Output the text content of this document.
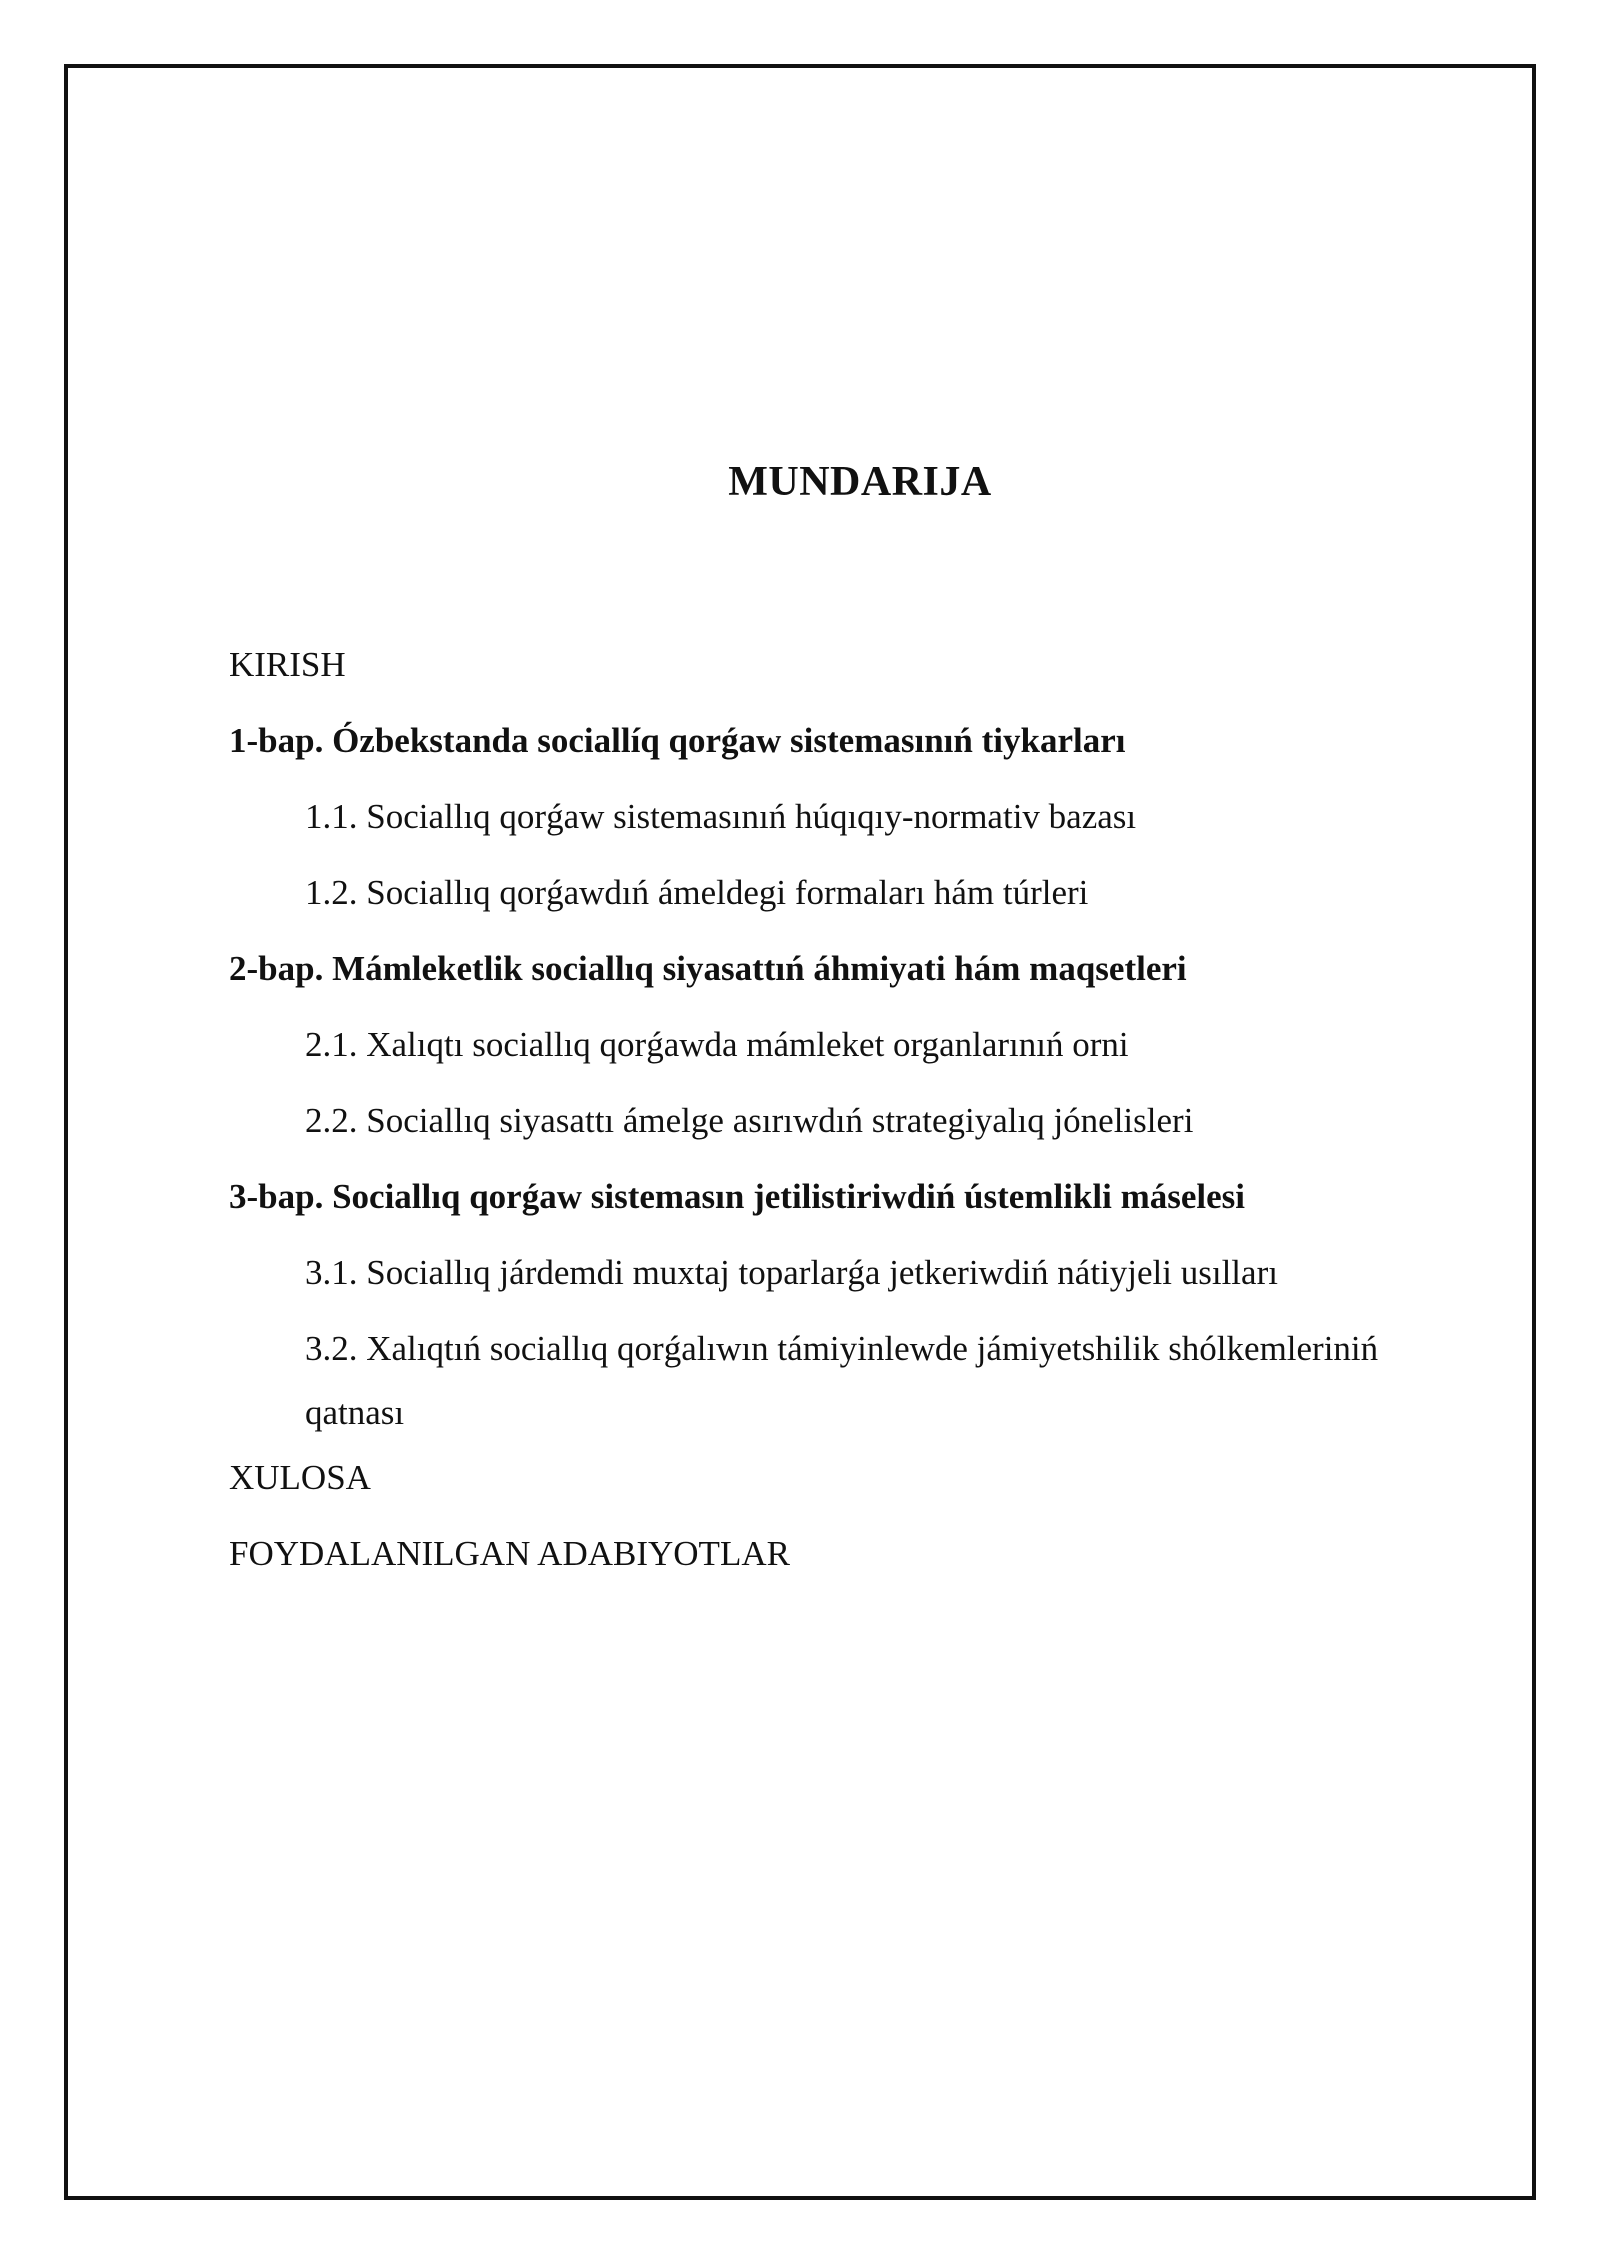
MUNDARIJA
KIRISH
1-bap. Ózbekstanda sociallíq qorǵaw sistemasınıń tiykarları
1.1. Sociallıq qorǵaw sistemasınıń húqıqıy-normativ bazası
1.2. Sociallıq qorǵawdıń ámeldegi formaları hám túrleri
2-bap. Mámleketlik sociallıq siyasattıń áhmiyati hám maqsetleri
2.1. Xalıqtı sociallıq qorǵawda mámleket organlarınıń orni
2.2. Sociallıq siyasattı ámelge asırıwdıń strategiyalıq jónelisleri
3-bap. Sociallıq qorǵaw sistemasın jetilistiriwdiń ústemlikli máselesi
3.1. Sociallıq járdemdi muxtaj toparlarǵa jetkeriwdiń nátiyjeli usılları
3.2. Xalıqtıń sociallıq qorǵalıwın támiyinlewde jámiyetshilik shólkemleriniń qatnası
XULOSA
FOYDALANILGAN ADABIYOTLAR
